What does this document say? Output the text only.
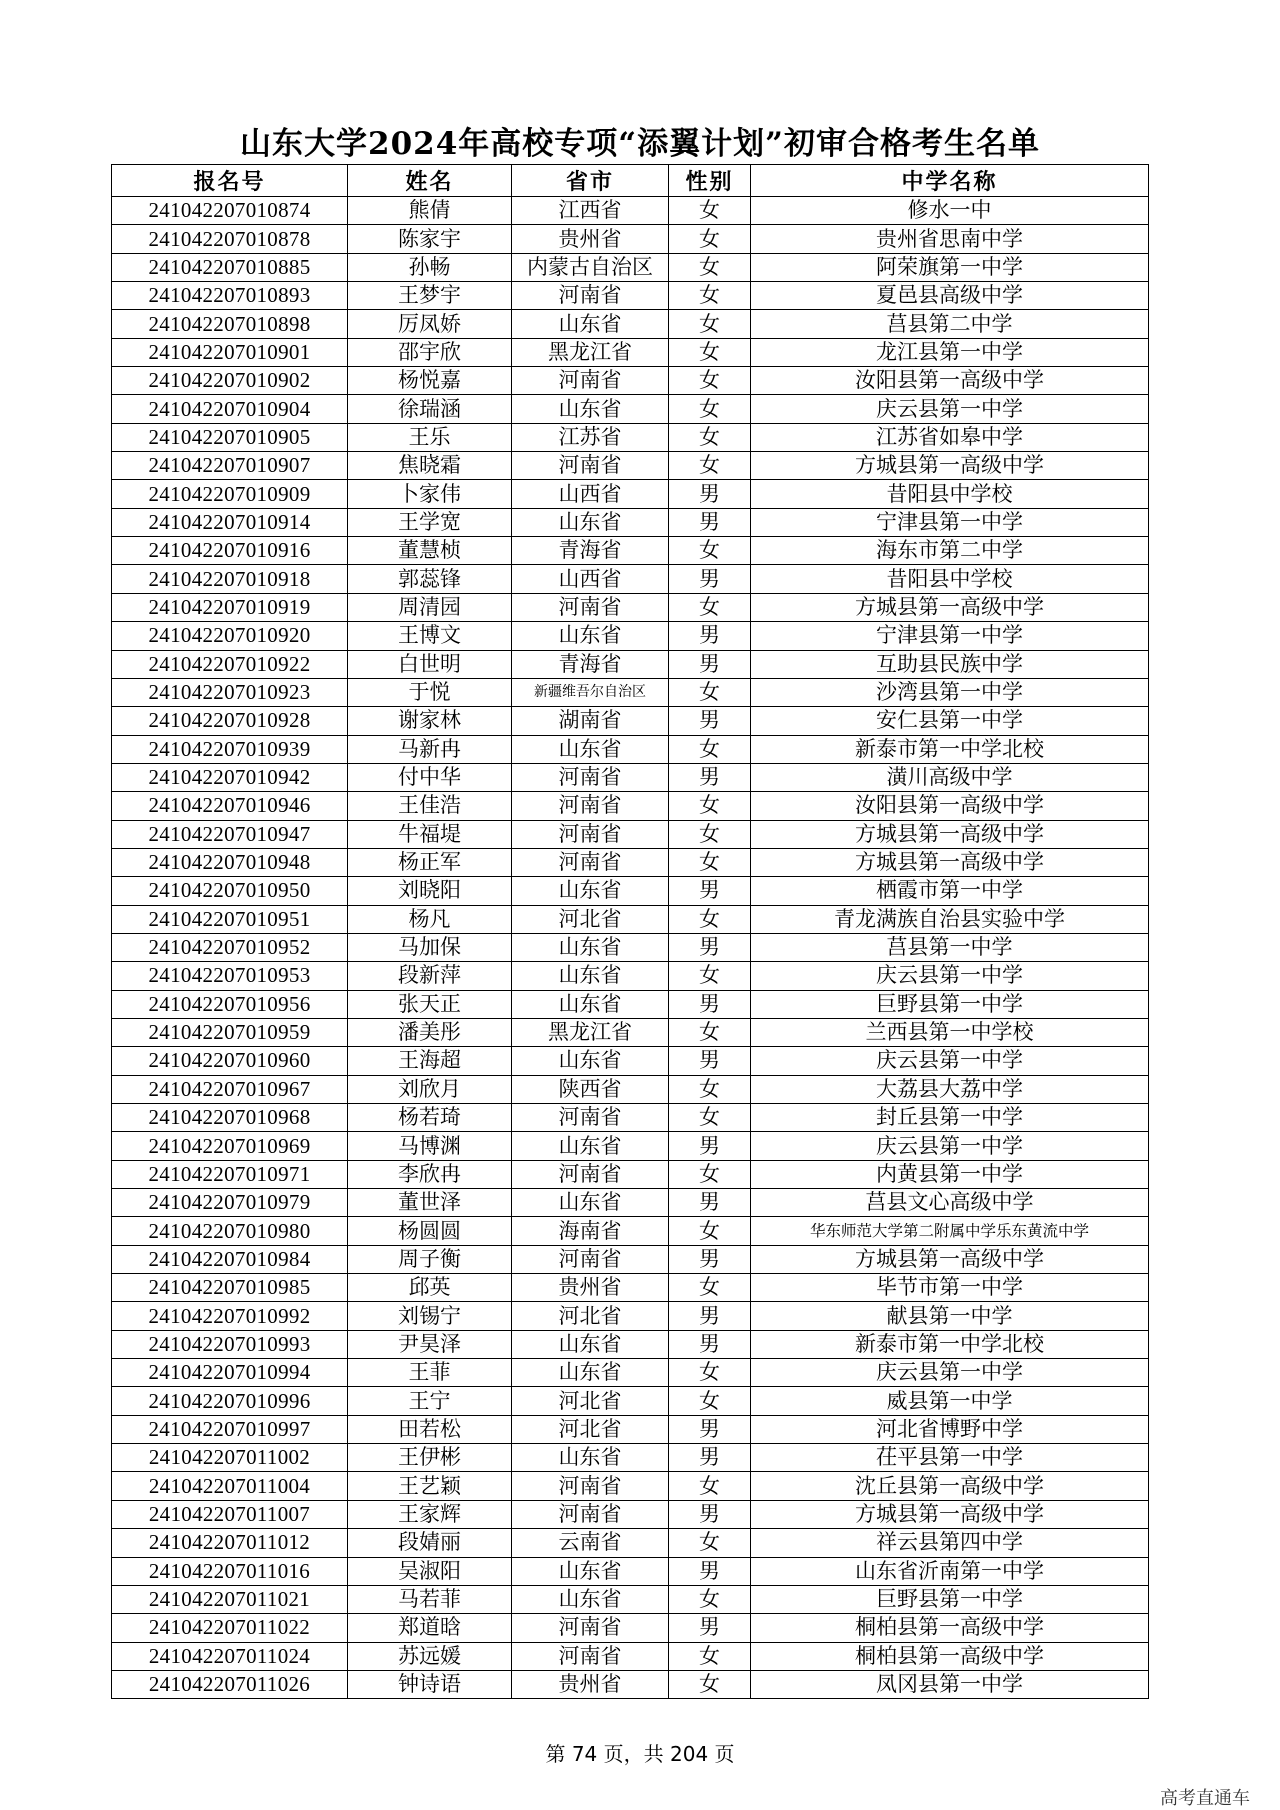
山东大学2024年高校专项“添翼计划”初审合格考生名单
报名号	姓名	省市	性别	中学名称
241042207010874	熊倩	江西省	女	修水一中
241042207010878	陈家宇	贵州省	女	贵州省思南中学
241042207010885	孙畅	内蒙古自治区	女	阿荣旗第一中学
241042207010893	王梦宇	河南省	女	夏邑县高级中学
241042207010898	厉凤娇	山东省	女	莒县第二中学
241042207010901	邵宇欣	黑龙江省	女	龙江县第一中学
241042207010902	杨悦嘉	河南省	女	汝阳县第一高级中学
241042207010904	徐瑞涵	山东省	女	庆云县第一中学
241042207010905	王乐	江苏省	女	江苏省如皋中学
241042207010907	焦晓霜	河南省	女	方城县第一高级中学
241042207010909	卜家伟	山西省	男	昔阳县中学校
241042207010914	王学宽	山东省	男	宁津县第一中学
241042207010916	董慧桢	青海省	女	海东市第二中学
241042207010918	郭蕊锋	山西省	男	昔阳县中学校
241042207010919	周清园	河南省	女	方城县第一高级中学
241042207010920	王博文	山东省	男	宁津县第一中学
241042207010922	白世明	青海省	男	互助县民族中学
241042207010923	于悦	新疆维吾尔自治区	女	沙湾县第一中学
241042207010928	谢家林	湖南省	男	安仁县第一中学
241042207010939	马新冉	山东省	女	新泰市第一中学北校
241042207010942	付中华	河南省	男	潢川高级中学
241042207010946	王佳浩	河南省	女	汝阳县第一高级中学
241042207010947	牛福堤	河南省	女	方城县第一高级中学
241042207010948	杨正军	河南省	女	方城县第一高级中学
241042207010950	刘晓阳	山东省	男	栖霞市第一中学
241042207010951	杨凡	河北省	女	青龙满族自治县实验中学
241042207010952	马加保	山东省	男	莒县第一中学
241042207010953	段新萍	山东省	女	庆云县第一中学
241042207010956	张天正	山东省	男	巨野县第一中学
241042207010959	潘美彤	黑龙江省	女	兰西县第一中学校
241042207010960	王海超	山东省	男	庆云县第一中学
241042207010967	刘欣月	陕西省	女	大荔县大荔中学
241042207010968	杨若琦	河南省	女	封丘县第一中学
241042207010969	马博渊	山东省	男	庆云县第一中学
241042207010971	李欣冉	河南省	女	内黄县第一中学
241042207010979	董世泽	山东省	男	莒县文心高级中学
241042207010980	杨圆圆	海南省	女	华东师范大学第二附属中学乐东黄流中学
241042207010984	周子衡	河南省	男	方城县第一高级中学
241042207010985	邱英	贵州省	女	毕节市第一中学
241042207010992	刘锡宁	河北省	男	献县第一中学
241042207010993	尹昊泽	山东省	男	新泰市第一中学北校
241042207010994	王菲	山东省	女	庆云县第一中学
241042207010996	王宁	河北省	女	威县第一中学
241042207010997	田若松	河北省	男	河北省博野中学
241042207011002	王伊彬	山东省	男	茌平县第一中学
241042207011004	王艺颖	河南省	女	沈丘县第一高级中学
241042207011007	王家辉	河南省	男	方城县第一高级中学
241042207011012	段婧丽	云南省	女	祥云县第四中学
241042207011016	吴淑阳	山东省	男	山东省沂南第一中学
241042207011021	马若菲	山东省	女	巨野县第一中学
241042207011022	郑道晗	河南省	男	桐柏县第一高级中学
241042207011024	苏远媛	河南省	女	桐柏县第一高级中学
241042207011026	钟诗语	贵州省	女	凤冈县第一中学
第 74 页，共 204 页
高考直通车
